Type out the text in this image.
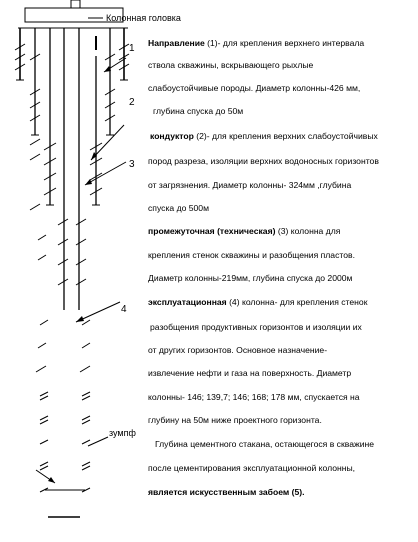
Колонная головка
1
2
3
4
зумпф
Направление (1)- для крепления верхнего интервала
ствола скважины, вскрывающего рыхлые
слабоустойчивые породы. Диаметр колонны-426 мм,
глубина спуска до 50м
кондуктор (2)- для крепления верхних слабоустойчивых
пород разреза, изоляции верхних водоносных горизонтов
от загрязнения. Диаметр колонны- 324мм ,глубина
спуска до 500м
промежуточная (техническая) (3) колонна для
крепления стенок скважины и разобщения пластов.
Диаметр колонны-219мм, глубина спуска до 2000м
эксплуатационная (4) колонна- для крепления стенок
разобщения продуктивных горизонтов и изоляции их
от других горизонтов. Основное назначение-
извлечение нефти и газа на поверхность. Диаметр
колонны- 146; 139,7; 146; 168; 178 мм, спускается на
глубину на 50м ниже проектного горизонта.
Глубина цементного стакана, остающегося в скважине
после цементирования эксплуатационной колонны,
является искусственным забоем (5).
